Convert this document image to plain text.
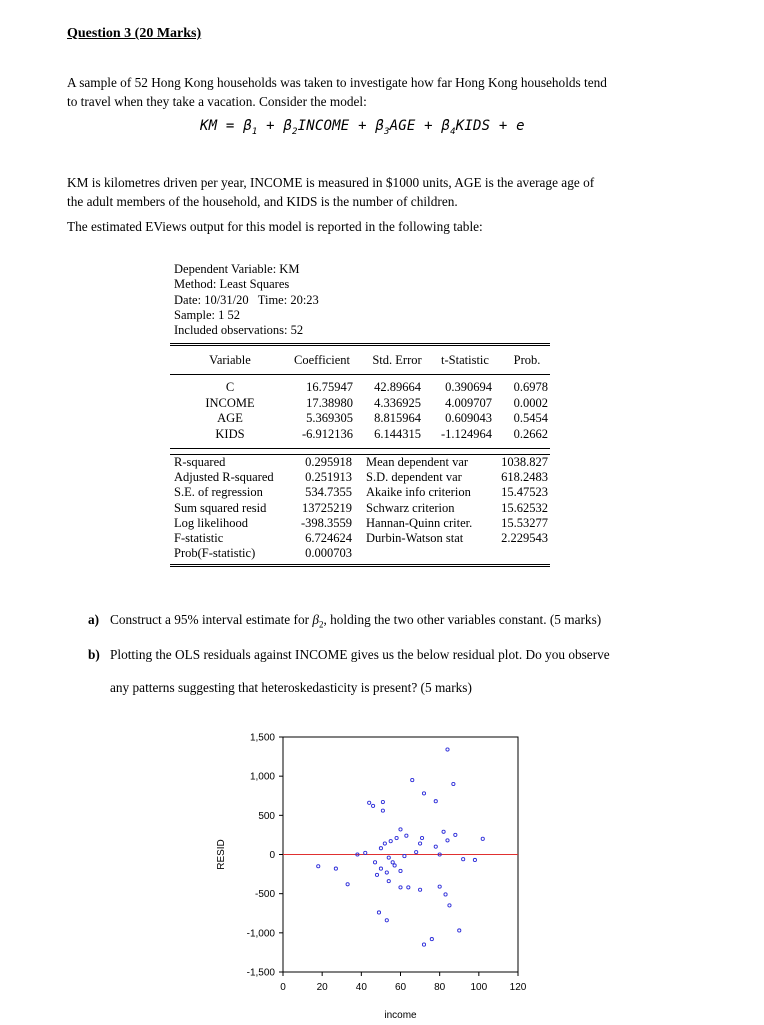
Question 3 (20 Marks)
A sample of 52 Hong Kong households was taken to investigate how far Hong Kong households tend
to travel when they take a vacation. Consider the model:
KM = $\beta_1$ + $\beta_2INCOME + \beta_3AGE$ + $\beta_4KIDS + e$
KM is kilometres driven per year, INCOME is measured in $1000 units, AGE is the average age of
the adult members of the household, and KIDS is the number of children.
The estimated EViews output for this model is reported in the following table:
Dependent Variable: KM
Method: Least Squares
Date: 10/31/20   Time: 20:23
Sample: 1 52
Included observations: 52
Variable	Coefficient	Std. Error	t-Statistic	Prob.
C	16.75947	42.89664	0.390694	0.6978
INCOME	17.38980	4.336925	4.009707	0.0002
AGE	5.369305	8.815964	0.609043	0.5454
KIDS	-6.912136	6.144315	-1.124964	0.2662
R-squared	0.295918 Mean dependent var	1038.827
Adjusted R-squared	0.251913 S.D. dependent var	618.2483
S.E. of regression	534.7355 Akaike info criterion	15.47523
Sum squared resid	13725219 Schwarz criterion	15.62532
Log likelihood	-398.3559 Hannan-Quinn criter.	15.53277
F-statistic	6.724624 Durbin-Watson stat	2.229543
Prob(F-statistic)	0.000703
a) Construct a 95% interval estimate for $\beta_2$, holding the two other variables constant. (5 marks)
b) Plotting the OLS residuals against INCOME gives us the below residual plot. Do you observe
any patterns suggesting that heteroskedasticity is present? (5 marks)
1,500
1,000
500
0
-500
-1,000
-1,500
0	20	40	60	80	100 120
RESID
income
